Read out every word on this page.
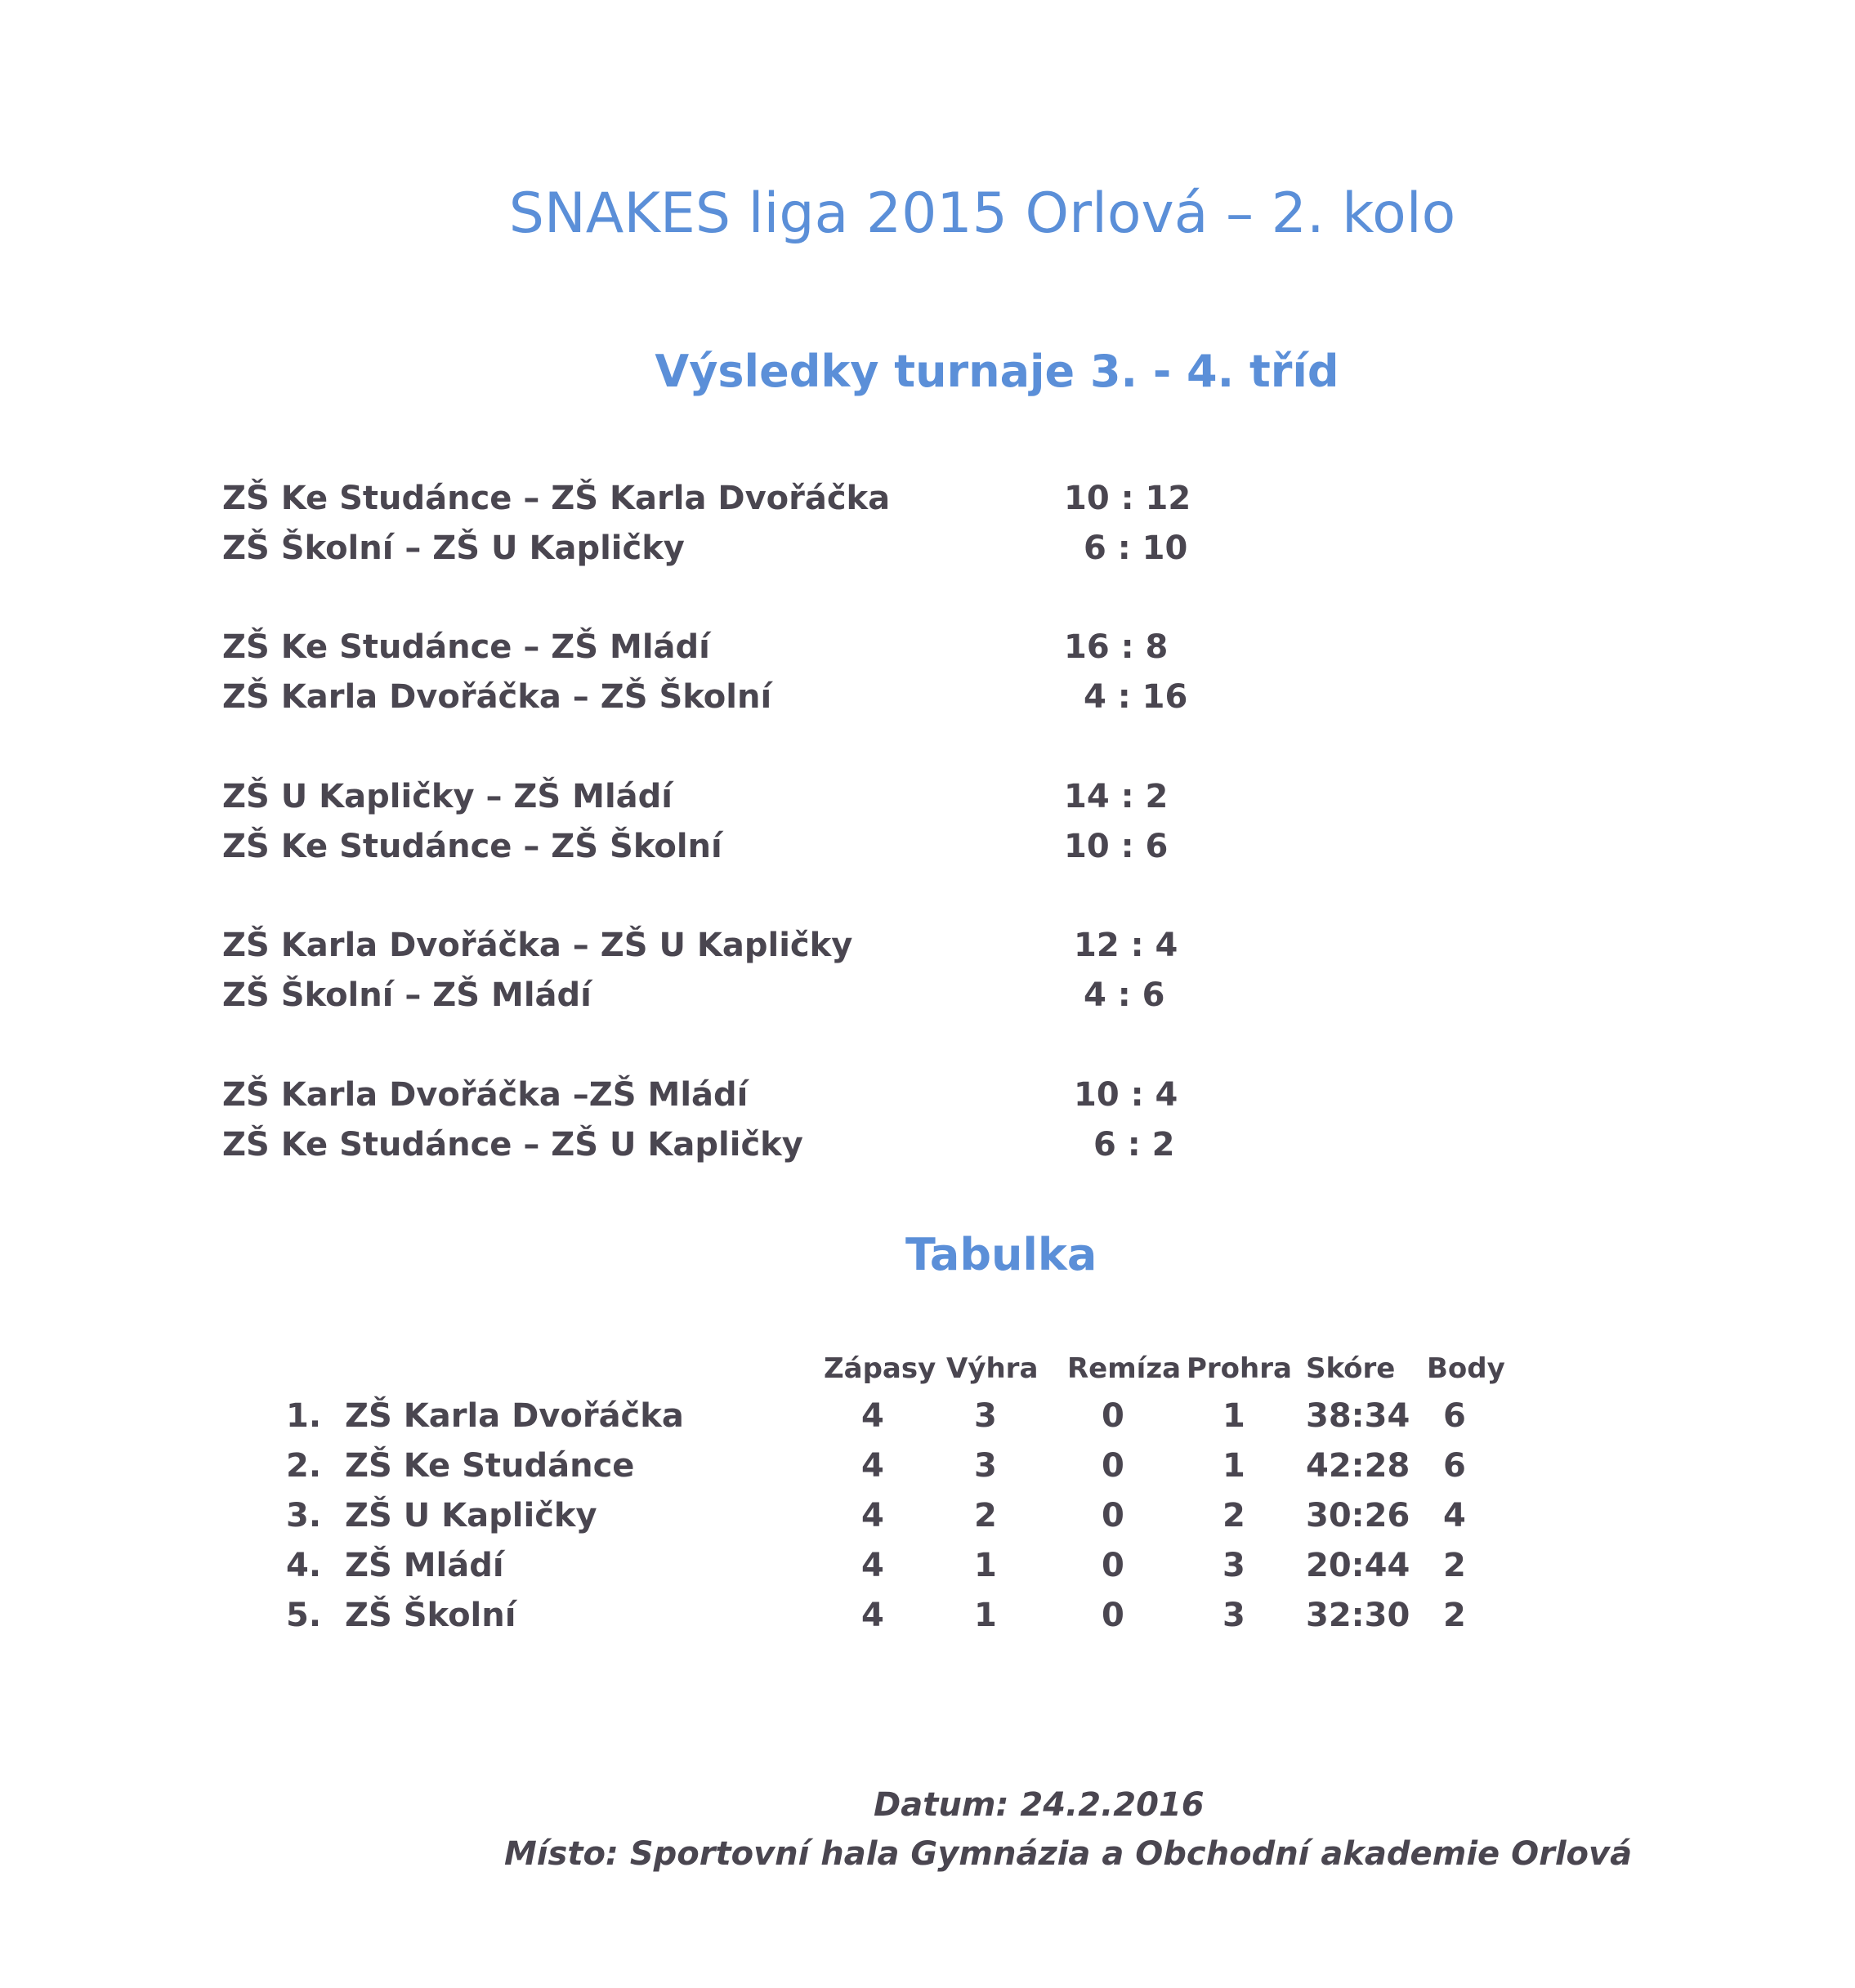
SNAKES liga 2015 Orlová – 2. kolo
Výsledky turnaje 3. - 4. tříd
ZŠ Ke Studánce – ZŠ Karla Dvořáčka	10 : 12
ZŠ Školní – ZŠ U Kapličky	6 : 10
ZŠ Ke Studánce – ZŠ Mládí	16 : 8
ZŠ Karla Dvořáčka – ZŠ Školní	4 : 16
ZŠ U Kapličky – ZŠ Mládí	14 : 2
ZŠ Ke Studánce – ZŠ Školní	10 : 6
ZŠ Karla Dvořáčka – ZŠ U Kapličky	12 : 4
ZŠ Školní – ZŠ Mládí	4 : 6
ZŠ Karla Dvořáčka –ZŠ Mládí	10 : 4
ZŠ Ke Studánce – ZŠ U Kapličky	6 : 2
Tabulka
Zápasy Výhra Remíza Prohra Skóre Body
1. ZŠ Karla Dvořáčka	4	3	0	1 38:34 6
2. ZŠ Ke Studánce	4	3	0	1 42:28 6
3. ZŠ U Kapličky	4	2	0	2 30:26 4
4. ZŠ Mládí	4	1	0	3 20:44 2
5. ZŠ Školní	4	1	0	3 32:30 2
Datum: 24.2.2016
Místo: Sportovní hala Gymnázia a Obchodní akademie Orlová
